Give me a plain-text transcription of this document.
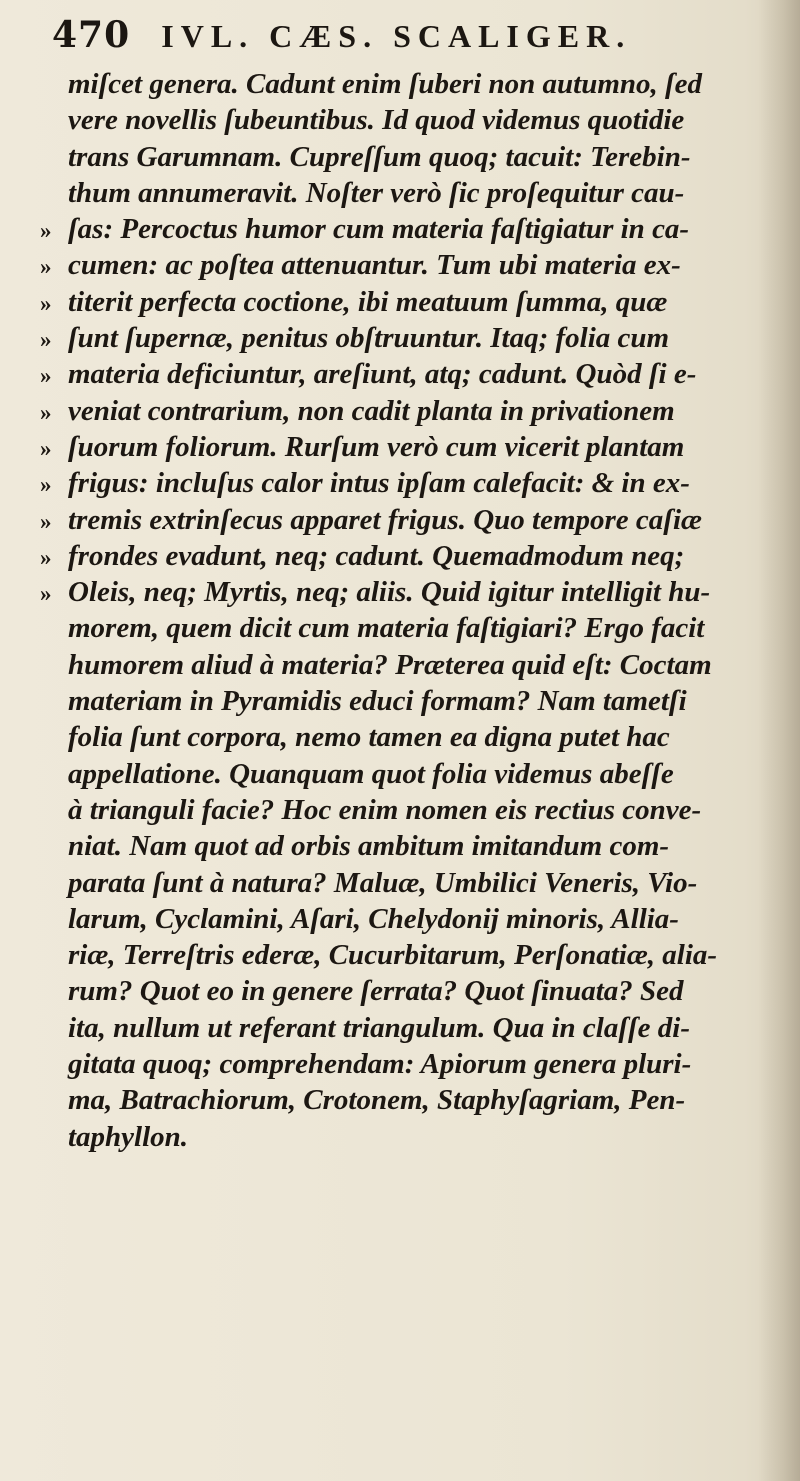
470 IVL. CÆS. SCALIGER.
miſcet genera. Cadunt enim ſuberi non autumno, ſed
vere novellis ſubeuntibus. Id quod videmus quotidie
trans Garumnam. Cupreſſum quoq; tacuit: Terebin-
thum annumeravit. Noſter verò ſic proſequitur cau-
» ſas: Percoctus humor cum materia faſtigiatur in ca-
» cumen: ac poſtea attenuantur. Tum ubi materia ex-
» titerit perfecta coctione, ibi meatuum ſumma, quæ
» ſunt ſupernæ, penitus obſtruuntur. Itaq; folia cum
» materia deficiuntur, areſiunt, atq; cadunt. Quòd ſi e-
» veniat contrarium, non cadit planta in privationem
» ſuorum foliorum. Rurſum verò cum vicerit plantam
» frigus: incluſus calor intus ipſam calefacit: & in ex-
» tremis extrinſecus apparet frigus. Quo tempore caſiæ
» frondes evadunt, neq; cadunt. Quemadmodum neq;
» Oleis, neq; Myrtis, neq; aliis. Quid igitur intelligit hu-
morem, quem dicit cum materia faſtigiari? Ergo facit
humorem aliud à materia? Præterea quid eſt: Coctam
materiam in Pyramidis educi formam? Nam tametſi
folia ſunt corpora, nemo tamen ea digna putet hac
appellatione. Quanquam quot folia videmus abeſſe
à trianguli facie? Hoc enim nomen eis rectius conve-
niat. Nam quot ad orbis ambitum imitandum com-
parata ſunt à natura? Maluæ, Umbilici Veneris, Vio-
larum, Cyclamini, Aſari, Chelydonij minoris, Allia-
riæ, Terreſtris ederæ, Cucurbitarum, Perſonatiæ, alia-
rum? Quot eo in genere ſerrata? Quot ſinuata? Sed
ita, nullum ut referant triangulum. Qua in claſſe di-
gitata quoq; comprehendam: Apiorum genera pluri-
ma, Batrachiorum, Crotonem, Staphyſagriam, Pen-
taphyllon.
